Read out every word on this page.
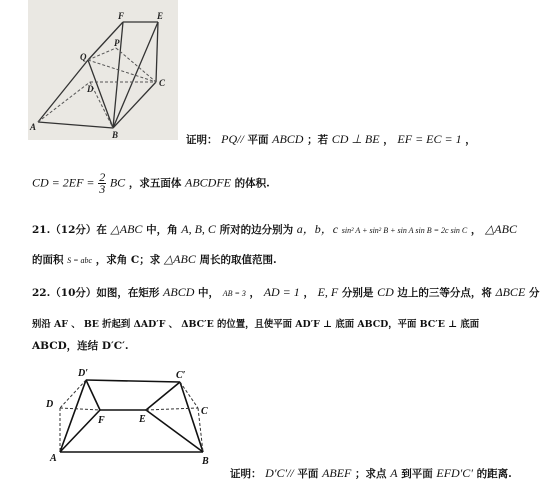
F	E
Q
P
D
C
A
B	证明： PQ// 平面 ABCD ；若 CD ⊥ BE ， EF = EC = 1 ，
CD = $2EF = \frac{2}{3}$ BC ，求五面体 ABCDFE 的体积.
21.（12分）在 △ABC 中，角 A, B, C 所对的边分别为 a，b，c sin² A + sin² B + sin A sin B = 2c sin C ， △ABC
的面积 S = abc ，求角 C；求 △ABC 周长的取值范围.
22.（10分）如图，在矩形 ABCD 中， AB = 3 ， AD = 1 ， E, F 分别是 CD 边上的三等分点，将 ΔBCE 分
别沿 AF 、 BE 折起到 ΔAD′F 、 ΔBC′E 的位置，且使平面 AD′F ⊥ 底面 ABCD，平面 BC′E ⊥ 底面
ABCD，连结 D′C′.
D′	C′
D
C
F	E
A	B
证明： D′C′// 平面 ABEF ；求点 A 到平面 EFD′C′ 的距离.
